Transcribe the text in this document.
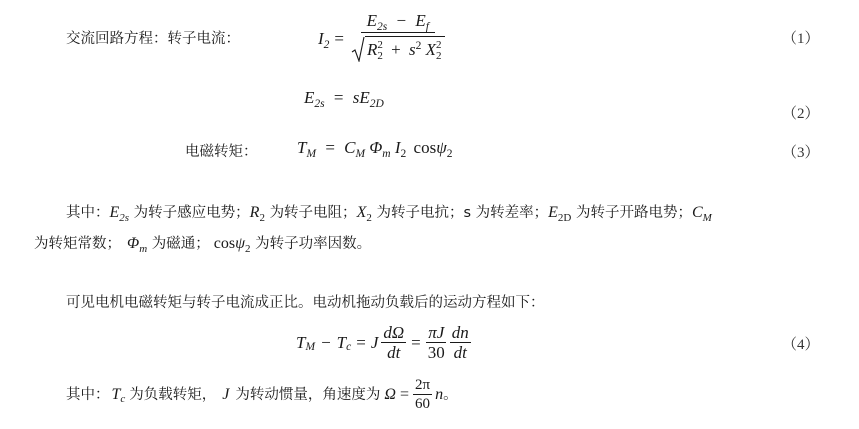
交流回路方程：转子电流：	$I_2 = E_{2s} - E_f$
R 2
$2 + s^2$ X 2
2	（1）
$E_{2s} = sE_{2D}$
（2）
电磁转矩： $T_M = C_M$ $\Phi_m$ $I_2$ cosψ$_2$	（3）
其中：$E_{2s}$ 为转子感应电势；$R_2$ 为转子电阻；$X_2$ 为转子电抗；s 为转差率；$E_{2D}$ 为转子开路电势；$C_M$
为转矩常数； $\Phi_m$ 为磁通； cosψ$_2$ 为转子功率因数。
可见电机电磁转矩与转子电流成正比。电动机拖动负载后的运动方程如下：
T M − T c = J $\frac{d\Omega}{dt} = \frac{\pi J}{30} \frac{dn}{dt}$	（4）
其中： T c 为负载转矩， J 为转动惯量，角速度为 $\Omega = \frac{2\pi}{60}$ n 。
